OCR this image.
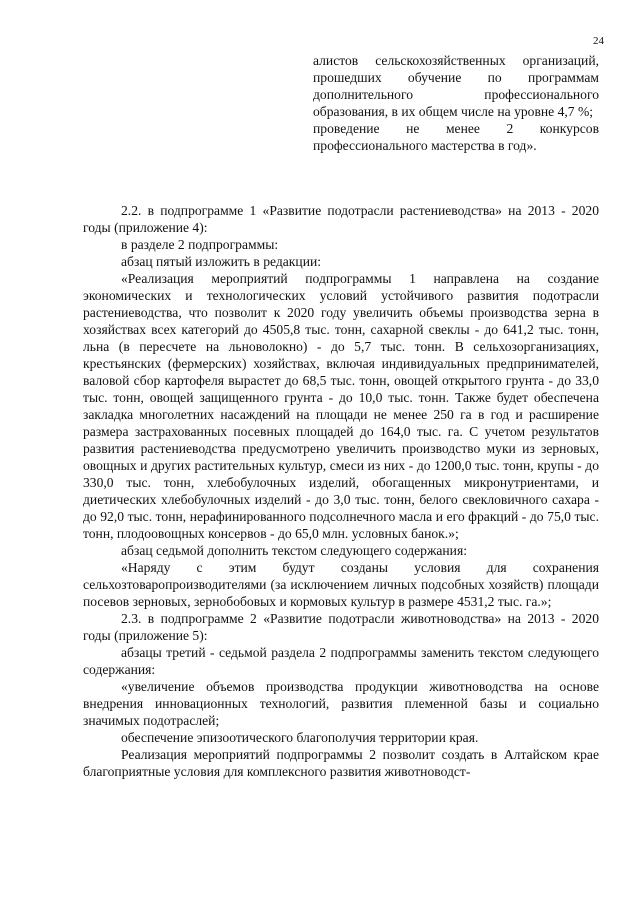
24

алистов сельскохозяйственных организаций, прошедших обучение по программам дополнительного профессионального образования, в их общем числе на уровне 4,7 %;

проведение не менее 2 конкурсов профессионального мастерства в год».

2.2. в подпрограмме 1 «Развитие подотрасли растениеводства» на 2013 - 2020 годы (приложение 4):

в разделе 2 подпрограммы:

абзац пятый изложить в редакции:

«Реализация мероприятий подпрограммы 1 направлена на создание экономических и технологических условий устойчивого развития подотрасли растениеводства, что позволит к 2020 году увеличить объемы производства зерна в хозяйствах всех категорий до 4505,8 тыс. тонн, сахарной свеклы - до 641,2 тыс. тонн, льна (в пересчете на льноволокно) - до 5,7 тыс. тонн. В сельхозорганизациях, крестьянских (фермерских) хозяйствах, включая индивидуальных предпринимателей, валовой сбор картофеля вырастет до 68,5 тыс. тонн, овощей открытого грунта - до 33,0 тыс. тонн, овощей защищенного грунта - до 10,0 тыс. тонн. Также будет обеспечена закладка многолетних насаждений на площади не менее 250 га в год и расширение размера застрахованных посевных площадей до 164,0 тыс. га. С учетом результатов развития растениеводства предусмотрено увеличить производство муки из зерновых, овощных и других растительных культур, смеси из них - до 1200,0 тыс. тонн, крупы - до 330,0 тыс. тонн, хлебобулочных изделий, обогащенных микронутриентами, и диетических хлебобулочных изделий - до 3,0 тыс. тонн, белого свекловичного сахара - до 92,0 тыс. тонн, нерафинированного подсолнечного масла и его фракций - до 75,0 тыс. тонн, плодоовощных консервов - до 65,0 млн. условных банок.»;

абзац седьмой дополнить текстом следующего содержания:

«Наряду с этим будут созданы условия для сохранения сельхозтоваропроизводителями (за исключением личных подсобных хозяйств) площади посевов зерновых, зернобобовых и кормовых культур в размере 4531,2 тыс. га.»;

2.3. в подпрограмме 2 «Развитие подотрасли животноводства» на 2013 - 2020 годы (приложение 5):

абзацы третий - седьмой раздела 2 подпрограммы заменить текстом следующего содержания:

«увеличение объемов производства продукции животноводства на основе внедрения инновационных технологий, развития племенной базы и социально значимых подотраслей;

обеспечение эпизоотического благополучия территории края.

Реализация мероприятий подпрограммы 2 позволит создать в Алтайском крае благоприятные условия для комплексного развития животноводст-
